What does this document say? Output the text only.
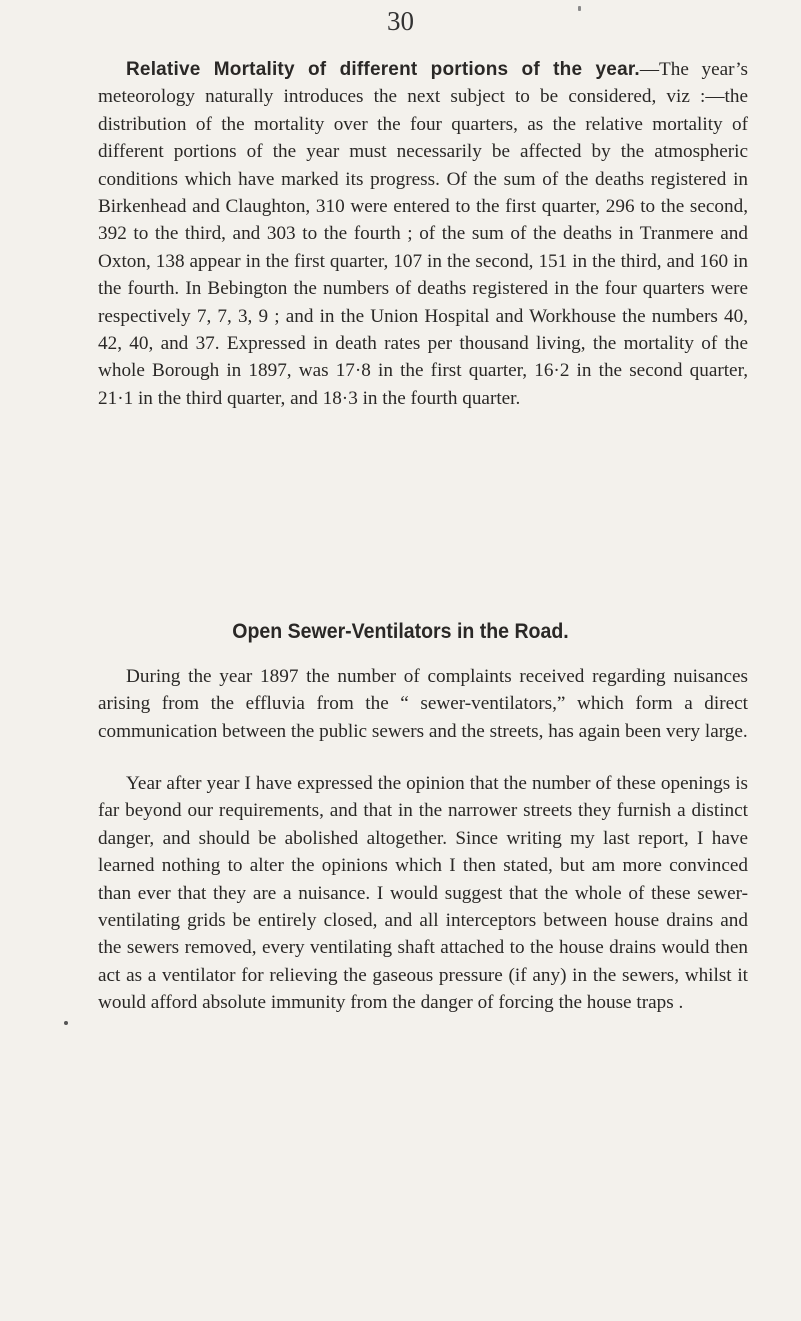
30

Relative Mortality of different portions of the year.—The year’s meteorology naturally introduces the next subject to be considered, viz :—the distribution of the mortality over the four quarters, as the relative mortality of different portions of the year must necessarily be affected by the atmospheric conditions which have marked its progress. Of the sum of the deaths registered in Birkenhead and Claughton, 310 were entered to the first quarter, 296 to the second, 392 to the third, and 303 to the fourth ; of the sum of the deaths in Tranmere and Oxton, 138 appear in the first quarter, 107 in the second, 151 in the third, and 160 in the fourth. In Bebington the numbers of deaths registered in the four quarters were respectively 7, 7, 3, 9 ; and in the Union Hospital and Workhouse the numbers 40, 42, 40, and 37. Expressed in death rates per thousand living, the mortality of the whole Borough in 1897, was 17·8 in the first quarter, 16·2 in the second quarter, 21·1 in the third quarter, and 18·3 in the fourth quarter.

Open Sewer-Ventilators in the Road.

During the year 1897 the number of complaints received regarding nuisances arising from the effluvia from the “ sewer-ventilators,” which form a direct communication between the public sewers and the streets, has again been very large.

Year after year I have expressed the opinion that the number of these openings is far beyond our requirements, and that in the narrower streets they furnish a distinct danger, and should be abolished altogether. Since writing my last report, I have learned nothing to alter the opinions which I then stated, but am more convinced than ever that they are a nuisance. I would suggest that the whole of these sewer-ventilating grids be entirely closed, and all interceptors between house drains and the sewers removed, every ventilating shaft attached to the house drains would then act as a ventilator for relieving the gaseous pressure (if any) in the sewers, whilst it would afford absolute immunity from the danger of forcing the house traps .
